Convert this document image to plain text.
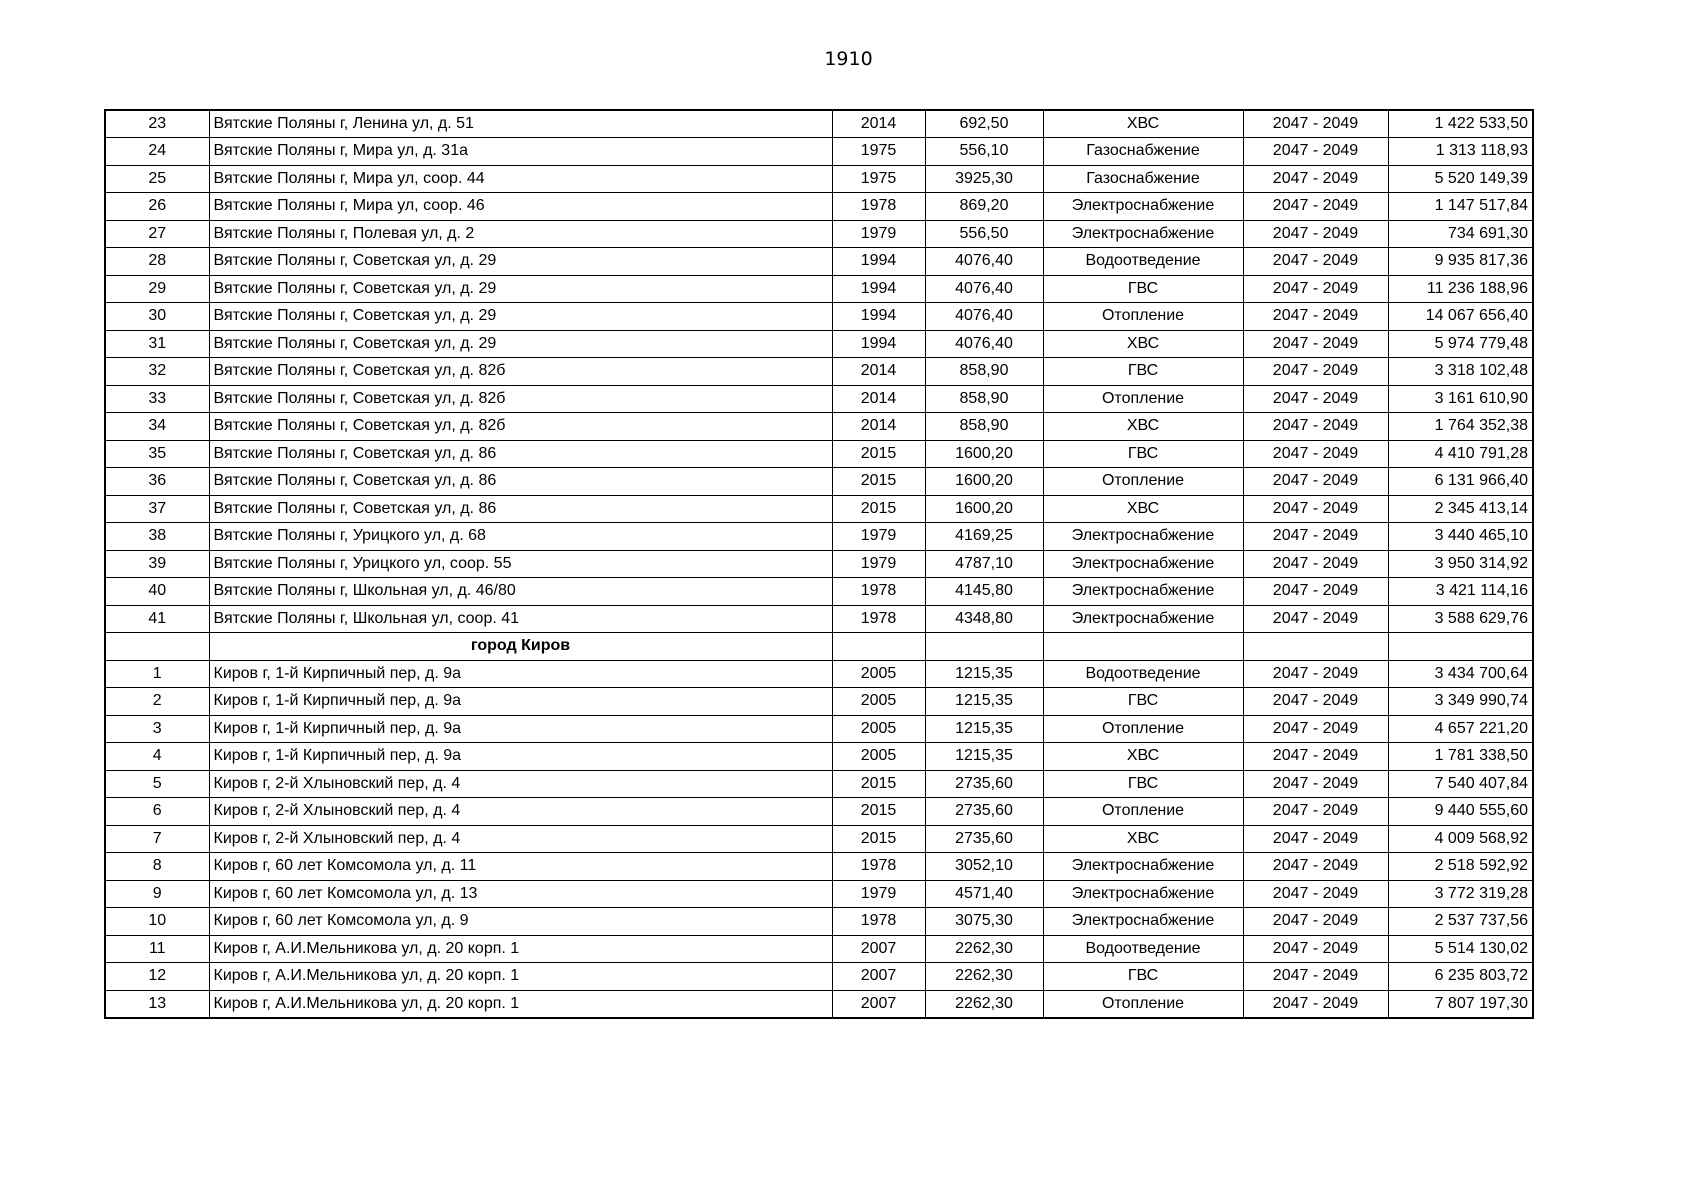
1910
23	Вятские Поляны г, Ленина ул, д. 51	2014	692,50	ХВС	2047 - 2049	1 422 533,50
24	Вятские Поляны г, Мира ул, д. 31а	1975	556,10	Газоснабжение	2047 - 2049	1 313 118,93
25	Вятские Поляны г, Мира ул, соор. 44	1975	3925,30	Газоснабжение	2047 - 2049	5 520 149,39
26	Вятские Поляны г, Мира ул, соор. 46	1978	869,20	Электроснабжение	2047 - 2049	1 147 517,84
27	Вятские Поляны г, Полевая ул, д. 2	1979	556,50	Электроснабжение	2047 - 2049	734 691,30
28	Вятские Поляны г, Советская ул, д. 29	1994	4076,40	Водоотведение	2047 - 2049	9 935 817,36
29	Вятские Поляны г, Советская ул, д. 29	1994	4076,40	ГВС	2047 - 2049	11 236 188,96
30	Вятские Поляны г, Советская ул, д. 29	1994	4076,40	Отопление	2047 - 2049	14 067 656,40
31	Вятские Поляны г, Советская ул, д. 29	1994	4076,40	ХВС	2047 - 2049	5 974 779,48
32	Вятские Поляны г, Советская ул, д. 82б	2014	858,90	ГВС	2047 - 2049	3 318 102,48
33	Вятские Поляны г, Советская ул, д. 82б	2014	858,90	Отопление	2047 - 2049	3 161 610,90
34	Вятские Поляны г, Советская ул, д. 82б	2014	858,90	ХВС	2047 - 2049	1 764 352,38
35	Вятские Поляны г, Советская ул, д. 86	2015	1600,20	ГВС	2047 - 2049	4 410 791,28
36	Вятские Поляны г, Советская ул, д. 86	2015	1600,20	Отопление	2047 - 2049	6 131 966,40
37	Вятские Поляны г, Советская ул, д. 86	2015	1600,20	ХВС	2047 - 2049	2 345 413,14
38	Вятские Поляны г, Урицкого ул, д. 68	1979	4169,25	Электроснабжение	2047 - 2049	3 440 465,10
39	Вятские Поляны г, Урицкого ул, соор. 55	1979	4787,10	Электроснабжение	2047 - 2049	3 950 314,92
40	Вятские Поляны г, Школьная ул, д. 46/80	1978	4145,80	Электроснабжение	2047 - 2049	3 421 114,16
41	Вятские Поляны г, Школьная ул, соор. 41	1978	4348,80	Электроснабжение	2047 - 2049	3 588 629,76
	город Киров					
1	Киров г, 1-й Кирпичный пер, д. 9а	2005	1215,35	Водоотведение	2047 - 2049	3 434 700,64
2	Киров г, 1-й Кирпичный пер, д. 9а	2005	1215,35	ГВС	2047 - 2049	3 349 990,74
3	Киров г, 1-й Кирпичный пер, д. 9а	2005	1215,35	Отопление	2047 - 2049	4 657 221,20
4	Киров г, 1-й Кирпичный пер, д. 9а	2005	1215,35	ХВС	2047 - 2049	1 781 338,50
5	Киров г, 2-й Хлыновский пер, д. 4	2015	2735,60	ГВС	2047 - 2049	7 540 407,84
6	Киров г, 2-й Хлыновский пер, д. 4	2015	2735,60	Отопление	2047 - 2049	9 440 555,60
7	Киров г, 2-й Хлыновский пер, д. 4	2015	2735,60	ХВС	2047 - 2049	4 009 568,92
8	Киров г, 60 лет Комсомола ул, д. 11	1978	3052,10	Электроснабжение	2047 - 2049	2 518 592,92
9	Киров г, 60 лет Комсомола ул, д. 13	1979	4571,40	Электроснабжение	2047 - 2049	3 772 319,28
10	Киров г, 60 лет Комсомола ул, д. 9	1978	3075,30	Электроснабжение	2047 - 2049	2 537 737,56
11	Киров г, А.И.Мельникова ул, д. 20 корп. 1	2007	2262,30	Водоотведение	2047 - 2049	5 514 130,02
12	Киров г, А.И.Мельникова ул, д. 20 корп. 1	2007	2262,30	ГВС	2047 - 2049	6 235 803,72
13	Киров г, А.И.Мельникова ул, д. 20 корп. 1	2007	2262,30	Отопление	2047 - 2049	7 807 197,30
